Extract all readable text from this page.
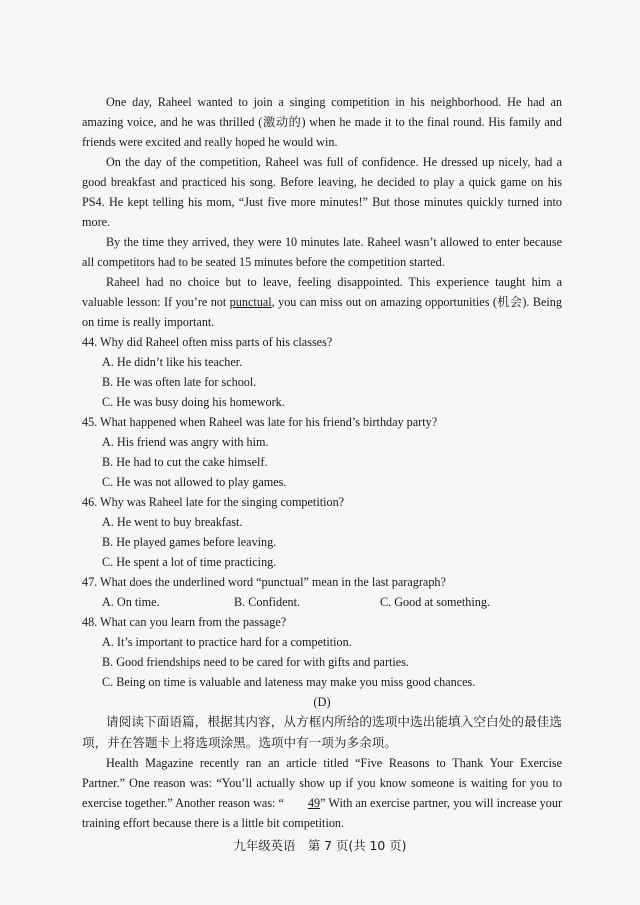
One day, Raheel wanted to join a singing competition in his neighborhood. He had an amazing voice, and he was thrilled (激动的) when he made it to the final round. His family and friends were excited and really hoped he would win.

On the day of the competition, Raheel was full of confidence. He dressed up nicely, had a good breakfast and practiced his song. Before leaving, he decided to play a quick game on his PS4. He kept telling his mom, “Just five more minutes!” But those minutes quickly turned into more.

By the time they arrived, they were 10 minutes late. Raheel wasn’t allowed to enter because all competitors had to be seated 15 minutes before the competition started.

Raheel had no choice but to leave, feeling disappointed. This experience taught him a valuable lesson: If you’re not punctual, you can miss out on amazing opportunities (机会). Being on time is really important.

44. Why did Raheel often miss parts of his classes?

A. He didn’t like his teacher.

B. He was often late for school.

C. He was busy doing his homework.

45. What happened when Raheel was late for his friend’s birthday party?

A. His friend was angry with him.

B. He had to cut the cake himself.

C. He was not allowed to play games.

46. Why was Raheel late for the singing competition?

A. He went to buy breakfast.

B. He played games before leaving.

C. He spent a lot of time practicing.

47. What does the underlined word “punctual” mean in the last paragraph?

A. On time.	B. Confident.	C. Good at something.

48. What can you learn from the passage?

A. It’s important to practice hard for a competition.

B. Good friendships need to be cared for with gifts and parties.

C. Being on time is valuable and lateness may make you miss good chances.

(D)

请阅读下面语篇，根据其内容，从方框内所给的选项中选出能填入空白处的最佳选项，并在答题卡上将选项涂黑。选项中有一项为多余项。

Health Magazine recently ran an article titled “Five Reasons to Thank Your Exercise Partner.” One reason was: “You’ll actually show up if you know someone is waiting for you to exercise together.” Another reason was: “ 49” With an exercise partner, you will increase your training effort because there is a little bit competition.

九年级英语　第 7 页(共 10 页)
